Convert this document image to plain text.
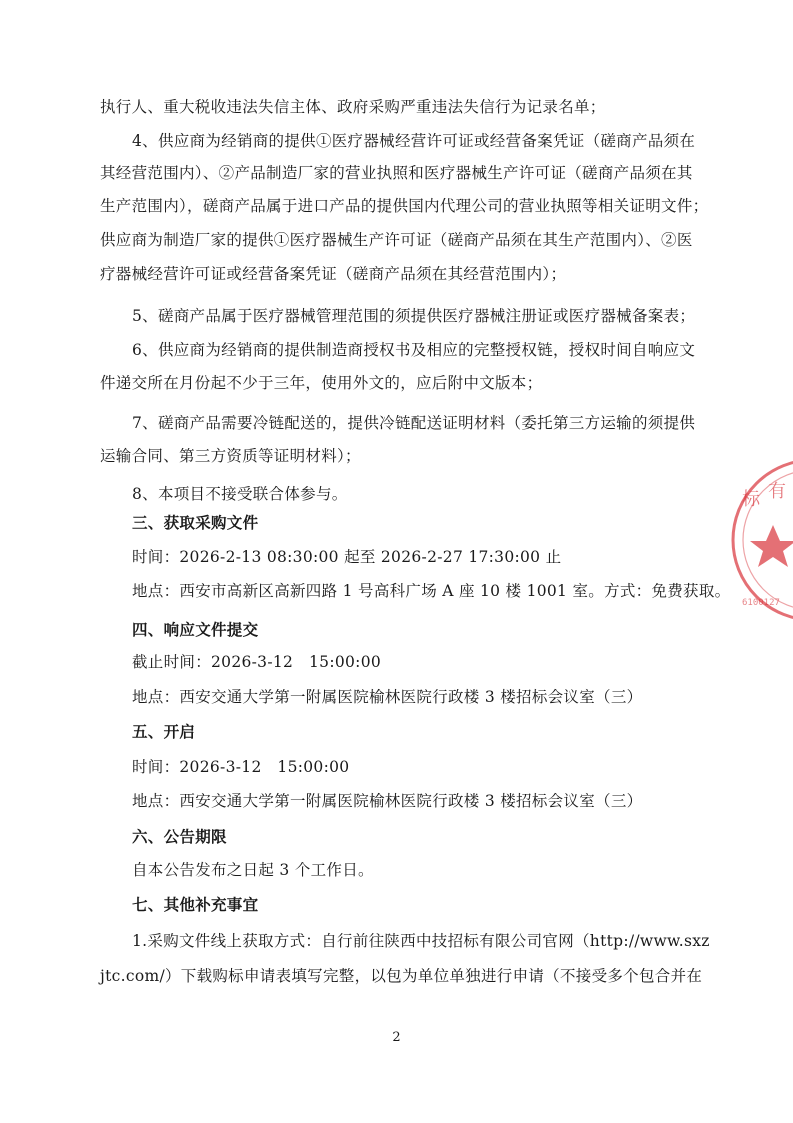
执行人、重大税收违法失信主体、政府采购严重违法失信行为记录名单；
4、供应商为经销商的提供①医疗器械经营许可证或经营备案凭证（磋商产品须在
其经营范围内）、②产品制造厂家的营业执照和医疗器械生产许可证（磋商产品须在其
生产范围内），磋商产品属于进口产品的提供国内代理公司的营业执照等相关证明文件；
供应商为制造厂家的提供①医疗器械生产许可证（磋商产品须在其生产范围内）、②医
疗器械经营许可证或经营备案凭证（磋商产品须在其经营范围内）；
5、磋商产品属于医疗器械管理范围的须提供医疗器械注册证或医疗器械备案表；
6、供应商为经销商的提供制造商授权书及相应的完整授权链，授权时间自响应文
件递交所在月份起不少于三年，使用外文的，应后附中文版本；
7、磋商产品需要冷链配送的，提供冷链配送证明材料（委托第三方运输的须提供
运输合同、第三方资质等证明材料）；
8、本项目不接受联合体参与。
三、获取采购文件
时间：2026-2-13 08:30:00 起至 2026-2-27 17:30:00 止
地点：西安市高新区高新四路 1 号高科广场 A 座 10 楼 1001 室。方式：免费获取。
四、响应文件提交
截止时间：2026-3-12　15:00:00
地点：西安交通大学第一附属医院榆林医院行政楼 3 楼招标会议室（三）
五、开启
时间：2026-3-12　15:00:00
地点：西安交通大学第一附属医院榆林医院行政楼 3 楼招标会议室（三）
六、公告期限
自本公告发布之日起 3 个工作日。
七、其他补充事宜
1.采购文件线上获取方式：自行前往陕西中技招标有限公司官网（http://www.sxz
jtc.com/）下载购标申请表填写完整，以包为单位单独进行申请（不接受多个包合并在
2
标 有
6100127
